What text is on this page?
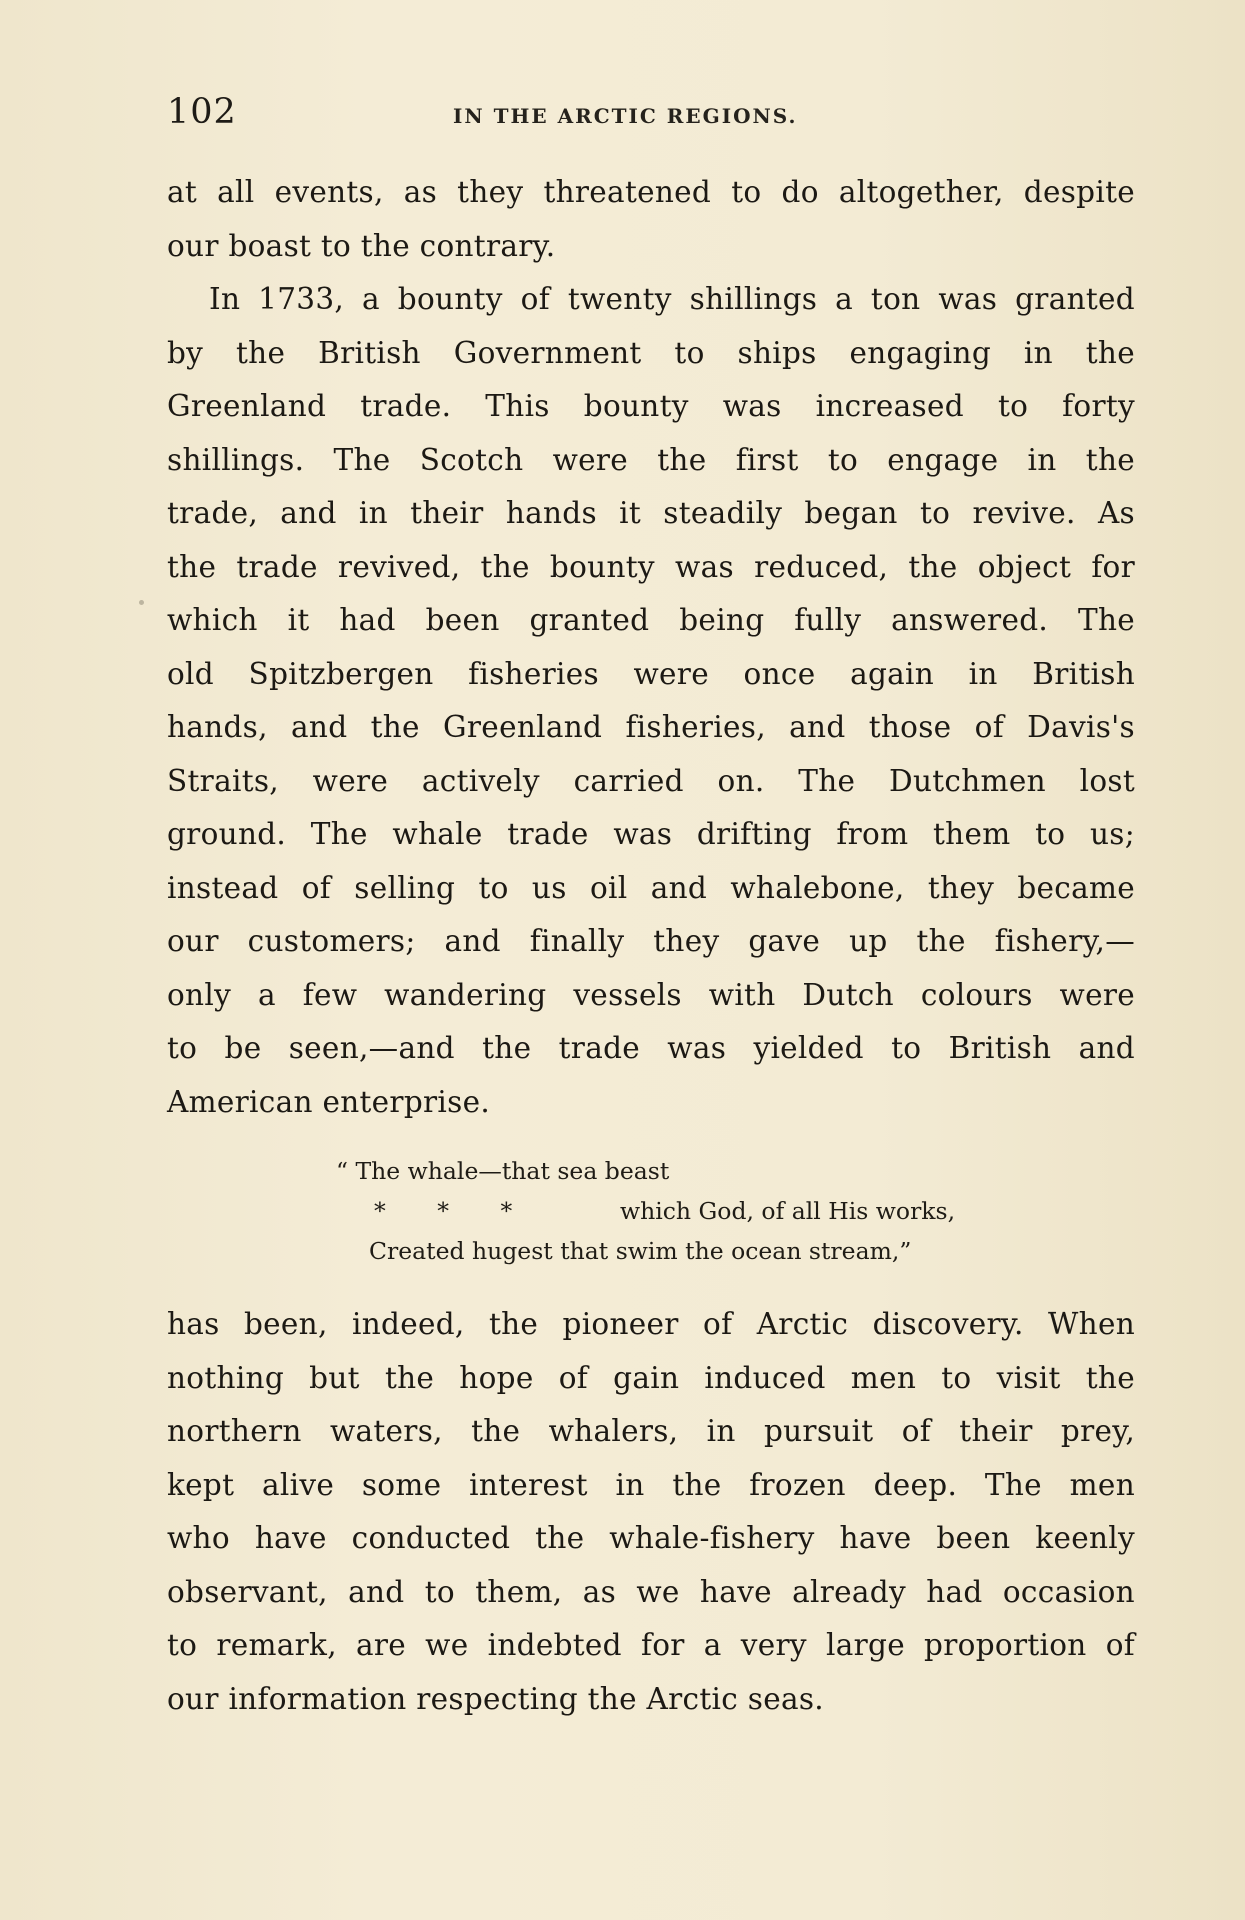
102	IN THE ARCTIC REGIONS.
at all events, as they threatened to do altogether, despite
our boast to the contrary.
In 1733, a bounty of twenty shillings a ton was granted
by the British Government to ships engaging in the
Greenland trade. This bounty was increased to forty
shillings. The Scotch were the first to engage in the
trade, and in their hands it steadily began to revive. As
the trade revived, the bounty was reduced, the object for
which it had been granted being fully answered. The
old Spitzbergen fisheries were once again in British
hands, and the Greenland fisheries, and those of Davis's
Straits, were actively carried on. The Dutchmen lost
ground. The whale trade was drifting from them to us;
instead of selling to us oil and whalebone, they became
our customers; and finally they gave up the fishery,—
only a few wandering vessels with Dutch colours were
to be seen,—and the trade was yielded to British and
American enterprise.
“ The whale—that sea beast
* * *	which God, of all His works,
Created hugest that swim the ocean stream,”
has been, indeed, the pioneer of Arctic discovery. When
nothing but the hope of gain induced men to visit the
northern waters, the whalers, in pursuit of their prey,
kept alive some interest in the frozen deep. The men
who have conducted the whale-fishery have been keenly
observant, and to them, as we have already had occasion
to remark, are we indebted for a very large proportion of
our information respecting the Arctic seas.
